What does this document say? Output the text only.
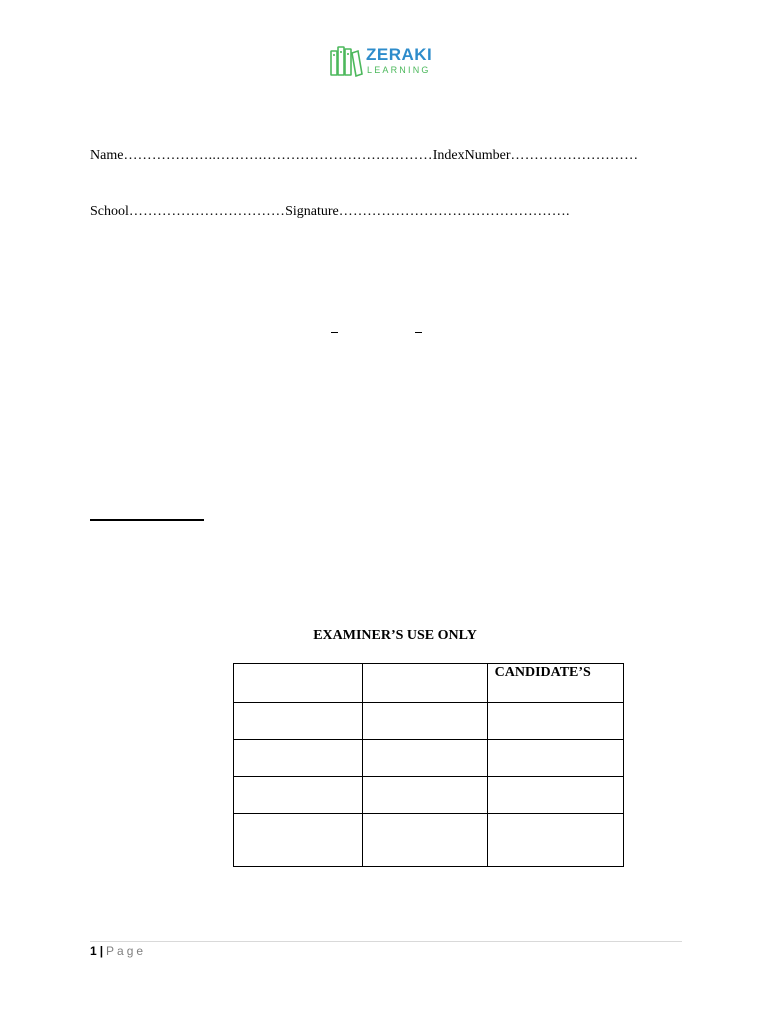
ZERAKI
LEARNING
Name………………..……….………………………………IndexNumber………………………
School……………………………Signature………………………………………….
EXAMINER’S USE ONLY
		CANDIDATE’S

1 | Page
